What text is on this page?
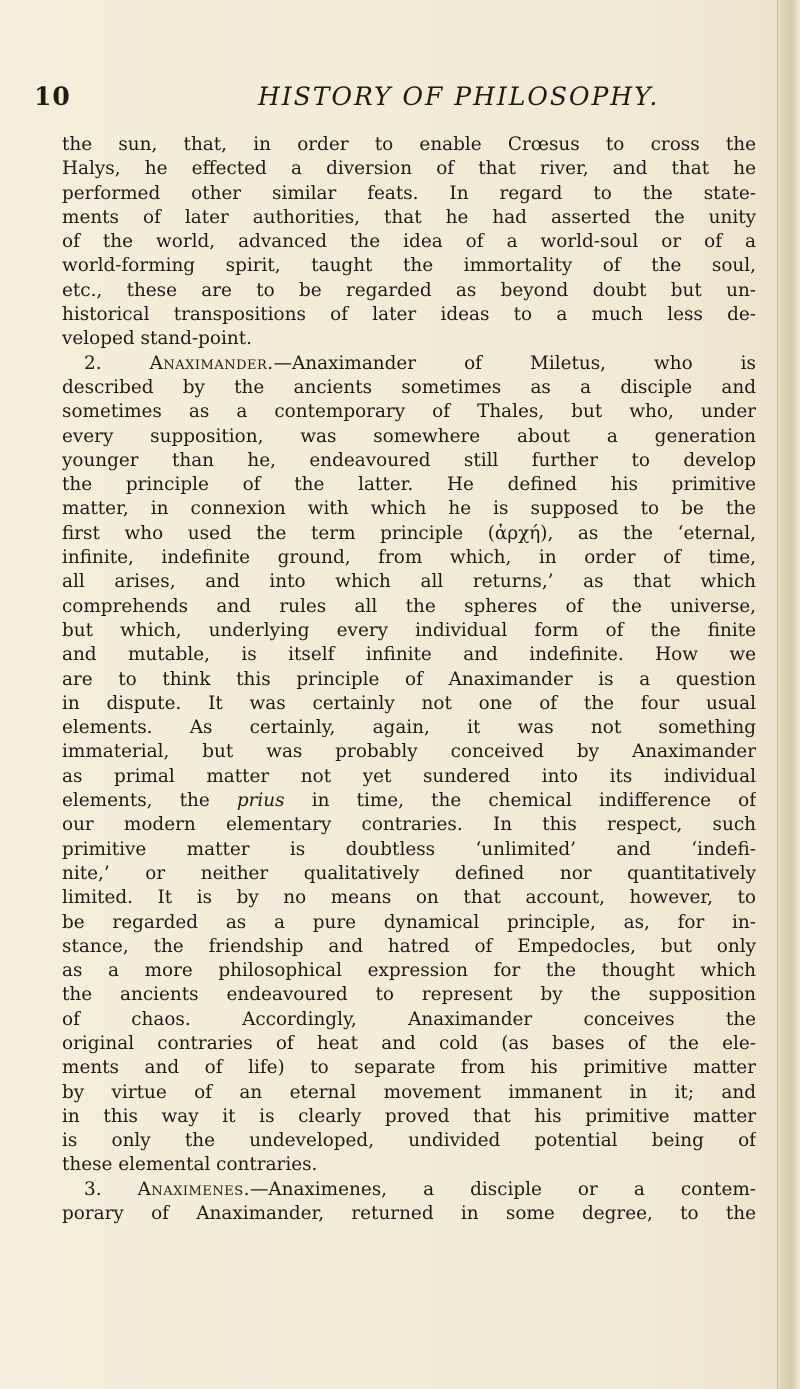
10	HISTORY OF PHILOSOPHY.
the sun, that, in order to enable Crœsus to cross the
Halys, he effected a diversion of that river, and that he
performed other similar feats. In regard to the state-
ments of later authorities, that he had asserted the unity
of the world, advanced the idea of a world-soul or of a
world-forming spirit, taught the immortality of the soul,
etc., these are to be regarded as beyond doubt but un-
historical transpositions of later ideas to a much less de-
veloped stand-point.
2.	Anaximander.—Anaximander of Miletus, who is
described by the ancients sometimes as a disciple and
sometimes as a contemporary of Thales, but who, under
every supposition, was somewhere about a generation
younger than he, endeavoured still further to develop
the principle of the latter. He defined his primitive
matter, in connexion with which he is supposed to be the
first who used the term principle (ἀρχή), as the ‘eternal,
infinite, indefinite ground, from which, in order of time,
all arises, and into which all returns,’ as that which
comprehends and rules all the spheres of the universe,
but which, underlying every individual form of the finite
and mutable, is itself infinite and indefinite. How we
are to think this principle of Anaximander is a question
in dispute. It was certainly not one of the four usual
elements. As certainly, again, it was not something
immaterial, but was probably conceived by Anaximander
as primal matter not yet sundered into its individual
elements, the prius in time, the chemical indifference of
our modern elementary contraries. In this respect, such
primitive matter is doubtless ‘unlimited’ and ‘indefi-
nite,’ or neither qualitatively defined nor quantitatively
limited. It is by no means on that account, however, to
be regarded as a pure dynamical principle, as, for in-
stance, the friendship and hatred of Empedocles, but only
as a more philosophical expression for the thought which
the ancients endeavoured to represent by the supposition
of chaos. Accordingly, Anaximander conceives the
original contraries of heat and cold (as bases of the ele-
ments and of life) to separate from his primitive matter
by virtue of an eternal movement immanent in it; and
in this way it is clearly proved that his primitive matter
is only the undeveloped, undivided potential being of
these elemental contraries.
3. Anaximenes.—Anaximenes, a disciple or a contem-
porary of Anaximander, returned in some degree, to the
